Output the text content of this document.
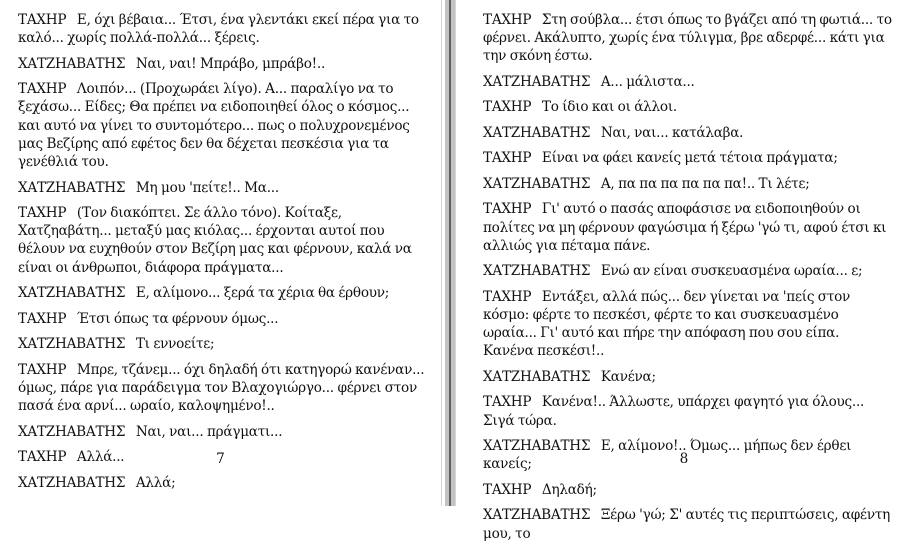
ΤΑΧΗΡ Ε, όχι βέβαια... Έτσι, ένα γλεντάκι εκεί πέρα για το καλό... χωρίς πολλά-πολλά... ξέρεις.

ΧΑΤΖΗΑΒΑΤΗΣ Ναι, ναι! Μπράβο, μπράβο!..

ΤΑΧΗΡ Λοιπόν... (Προχωράει λίγο). Α... παραλίγο να το ξεχάσω... Είδες; Θα πρέπει να ειδοποιηθεί όλος ο κόσμος... και αυτό να γίνει το συντομότερο... πως ο πολυχρονεμένος μας Βεζίρης από εφέτος δεν θα δέχεται πεσκέσια για τα γενέθλιά του.

ΧΑΤΖΗΑΒΑΤΗΣ Μη μου 'πείτε!.. Μα...

ΤΑΧΗΡ (Τον διακόπτει. Σε άλλο τόνο). Κοίταξε, Χατζηαβάτη... μεταξύ μας κιόλας... έρχονται αυτοί που θέλουν να ευχηθούν στον Βεζίρη μας και φέρνουν, καλά να είναι οι άνθρωποι, διάφορα πράγματα...

ΧΑΤΖΗΑΒΑΤΗΣ Ε, αλίμονο... ξερά τα χέρια θα έρθουν;

ΤΑΧΗΡ Έτσι όπως τα φέρνουν όμως...

ΧΑΤΖΗΑΒΑΤΗΣ Τι εννοείτε;

ΤΑΧΗΡ Μπρε, τζάνεμ... όχι δηλαδή ότι κατηγορώ κανέναν... όμως, πάρε για παράδειγμα τον Βλαχογιώργο... φέρνει στον πασά ένα αρνί... ωραίο, καλοψημένο!..

ΧΑΤΖΗΑΒΑΤΗΣ Ναι, ναι... πράγματι...

ΤΑΧΗΡ Αλλά...

ΧΑΤΖΗΑΒΑΤΗΣ Αλλά;

7

ΤΑΧΗΡ Στη σούβλα... έτσι όπως το βγάζει από τη φωτιά... το φέρνει. Ακάλυπτο, χωρίς ένα τύλιγμα, βρε αδερφέ... κάτι για την σκόνη έστω.

ΧΑΤΖΗΑΒΑΤΗΣ Α... μάλιστα...

ΤΑΧΗΡ Το ίδιο και οι άλλοι.

ΧΑΤΖΗΑΒΑΤΗΣ Ναι, ναι... κατάλαβα.

ΤΑΧΗΡ Είναι να φάει κανείς μετά τέτοια πράγματα;

ΧΑΤΖΗΑΒΑΤΗΣ Α, πα πα πα πα πα πα!.. Τι λέτε;

ΤΑΧΗΡ Γι' αυτό ο πασάς αποφάσισε να ειδοποιηθούν οι πολίτες να μη φέρνουν φαγώσιμα ή ξέρω 'γώ τι, αφού έτσι κι αλλιώς για πέταμα πάνε.

ΧΑΤΖΗΑΒΑΤΗΣ Ενώ αν είναι συσκευασμένα ωραία... ε;

ΤΑΧΗΡ Εντάξει, αλλά πώς... δεν γίνεται να 'πείς στον κόσμο: φέρτε το πεσκέσι, φέρτε το και συσκευασμένο ωραία... Γι' αυτό και πήρε την απόφαση που σου είπα. Κανένα πεσκέσι!..

ΧΑΤΖΗΑΒΑΤΗΣ Κανένα;

ΤΑΧΗΡ Κανένα!.. Άλλωστε, υπάρχει φαγητό για όλους... Σιγά τώρα.

ΧΑΤΖΗΑΒΑΤΗΣ Ε, αλίμονο!.. Όμως... μήπως δεν έρθει κανείς;

ΤΑΧΗΡ Δηλαδή;

ΧΑΤΖΗΑΒΑΤΗΣ Ξέρω 'γώ; Σ' αυτές τις περιπτώσεις, αφέντη μου, το

8
